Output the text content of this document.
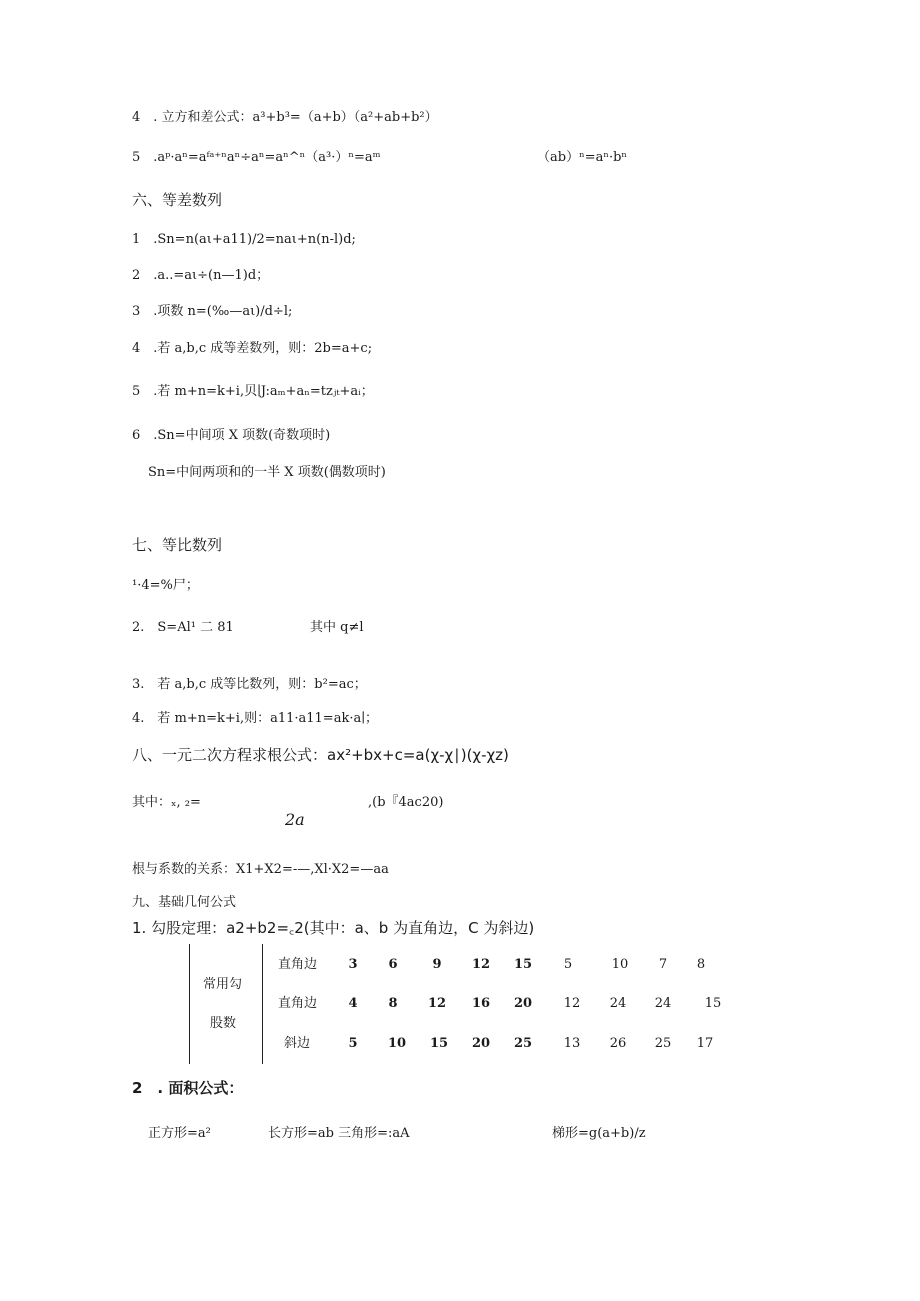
4　. 立方和差公式：a³+b³=（a+b）（a²+ab+b²）
5　.aᵖ·aⁿ=aᶠᵃ⁺ⁿaⁿ÷aⁿ=aⁿ^ⁿ（a³·）ⁿ=aᵐ	（ab）ⁿ=aⁿ·bⁿ
六、等差数列
1　.Sn=n(aι+a11)/2=naι+n(n-l)d;
2　.a..=aι÷(n—1)d；
3　.项数 n=(‰—aι)∕d÷l;
4　.若 a,b,c 成等差数列，则：2b=a+c;
5　.若 m+n=k+i,贝∣J:aₘ+aₙ=tzⱼₜ+aᵢ；
6　.Sn=中间项 X 项数(奇数项时)
Sn=中间两项和的一半 X 项数(偶数项时)
七、等比数列
¹·4=%尸；
2.　S=Al¹ 二 81	其中 q≠l
3.　若 a,b,c 成等比数列，则：b²=ac；
4.　若 m+n=k+i,则：a11·a11=ak·a∣；
八、一元二次方程求根公式：ax²+bx+c=a(χ-χ∣)(χ-χz)
其中：ₓ, ₂=	,(b『4ac20)
2a
根与系数的关系：X1+X2=-—,Xl·X2=—aa
九、基础几何公式
1. 勾股定理：a2+b2=꜀2(其中：a、b 为直角边，C 为斜边)
常用勾
股数
直角边	3	6	9	12	15	5	10	7	8
直角边	4	8	12	16	20	12	24	24	15
斜边	5	10	15	20	25	13	26	25	17
2　. 面积公式：
正方形=a²	长方形=ab 三角形=:aA	梯形=g(a+b)∕z
